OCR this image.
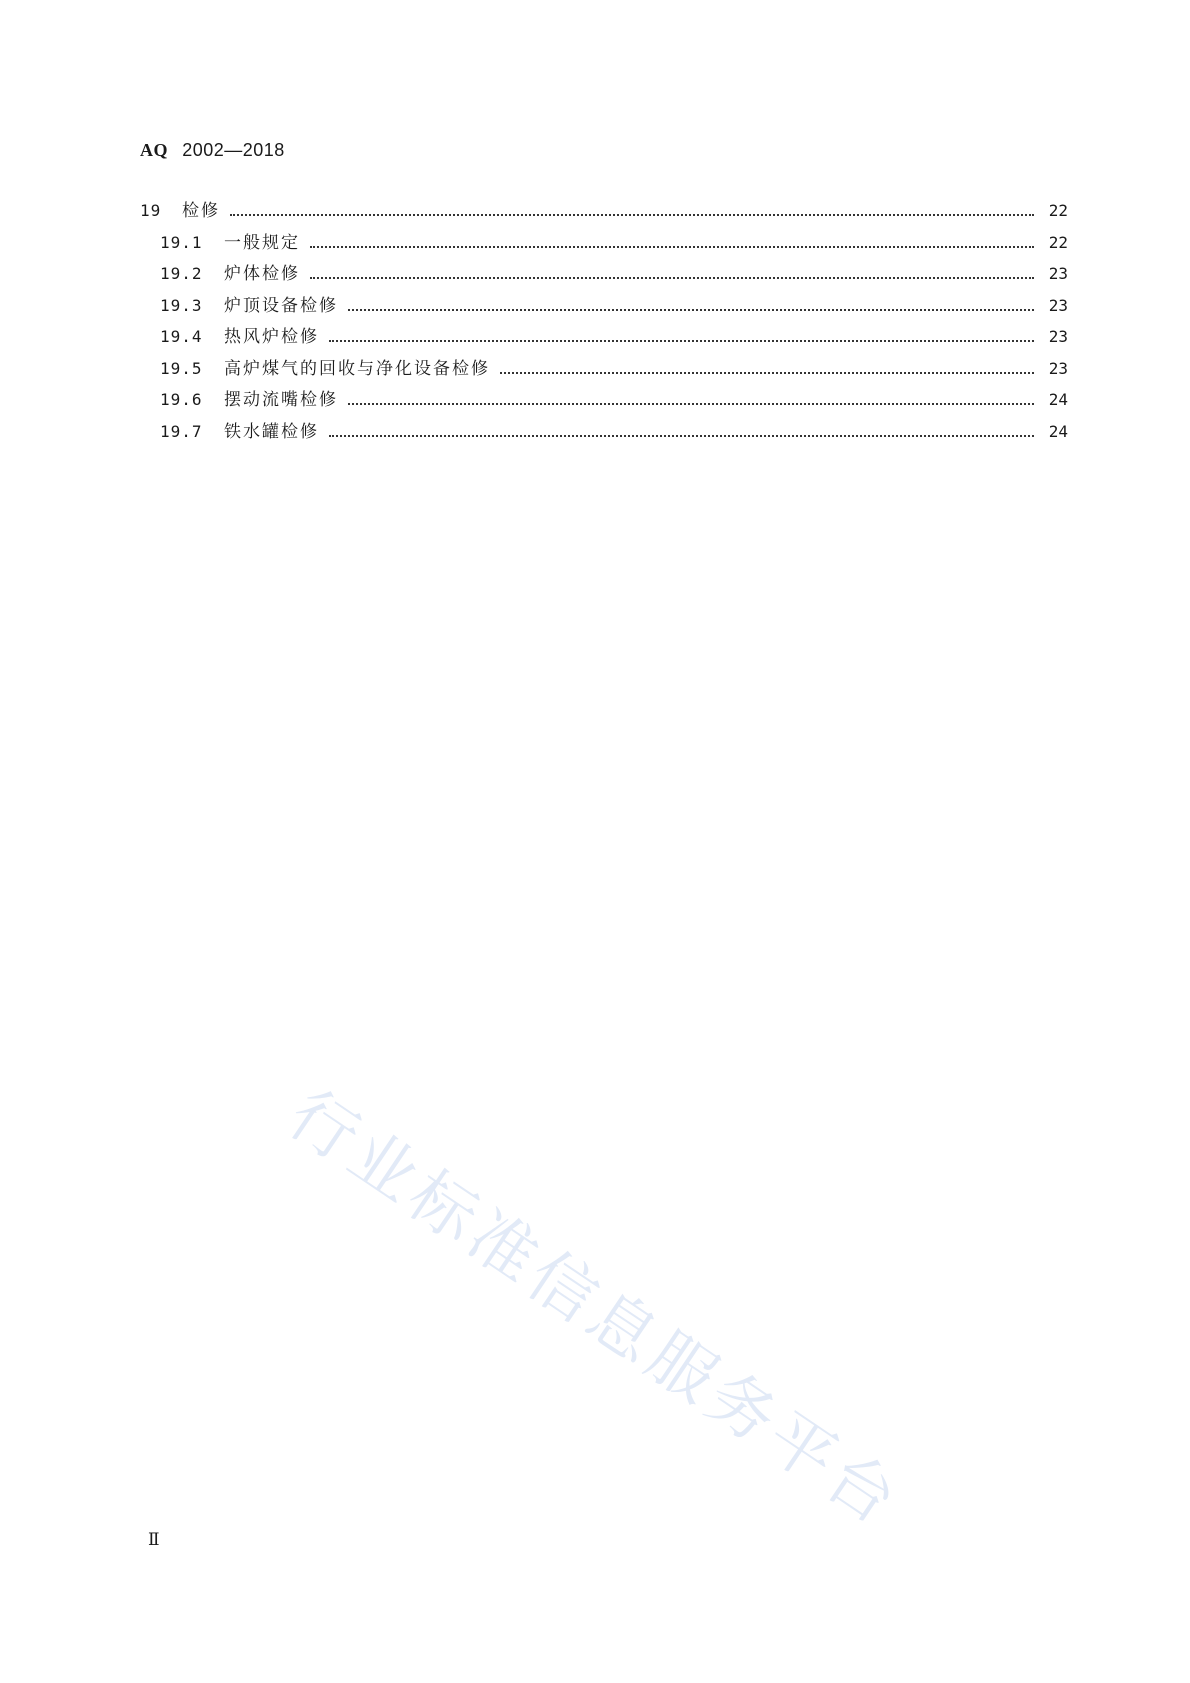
AQ 2002—2018
19	检修	22
19.1	一般规定	22
19.2	炉体检修	23
19.3	炉顶设备检修	23
19.4	热风炉检修	23
19.5	高炉煤气的回收与净化设备检修	23
19.6	摆动流嘴检修	24
19.7	铁水罐检修	24
行业标准信息服务平台
Ⅱ
